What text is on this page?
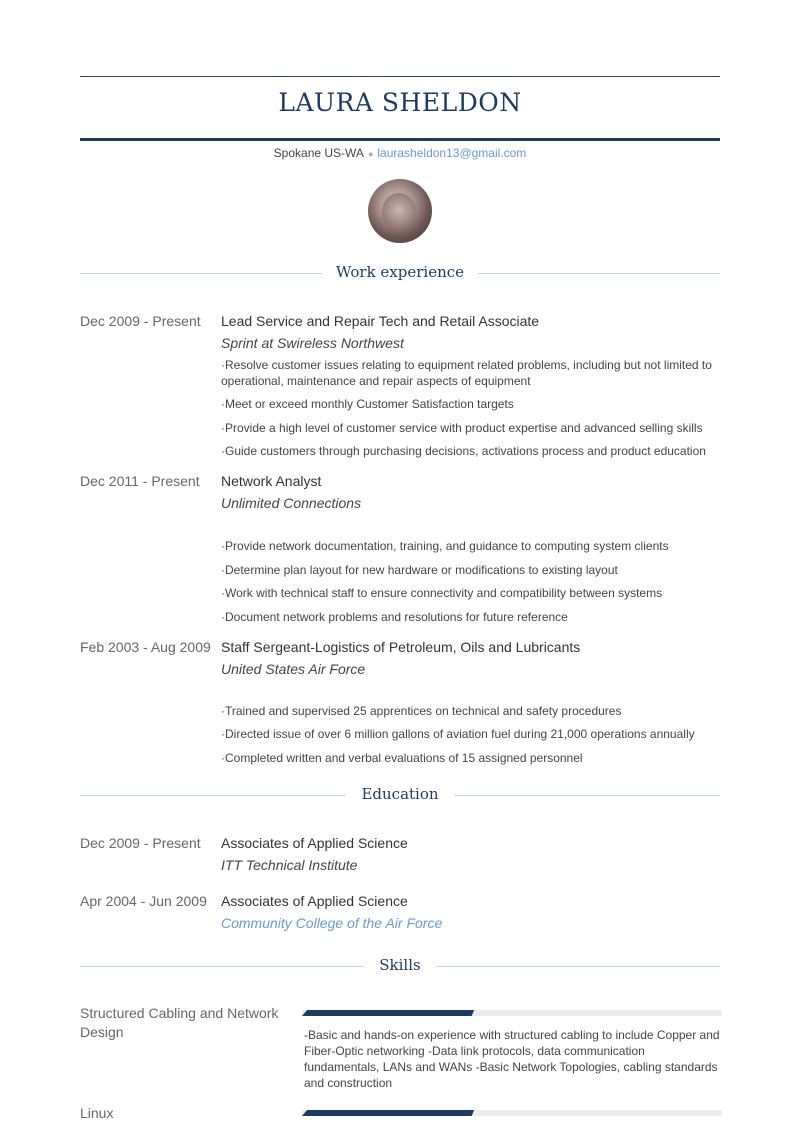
LAURA SHELDON
Spokane US-WA ● laurasheldon13@gmail.com
Work experience
Dec 2009 - Present Lead Service and Repair Tech and Retail Associate
Sprint at Swireless Northwest
·Resolve customer issues relating to equipment related problems, including but not limited to operational, maintenance and repair aspects of equipment
·Meet or exceed monthly Customer Satisfaction targets
·Provide a high level of customer service with product expertise and advanced selling skills
·Guide customers through purchasing decisions, activations process and product education
Dec 2011 - Present Network Analyst
Unlimited Connections
·Provide network documentation, training, and guidance to computing system clients
·Determine plan layout for new hardware or modifications to existing layout
·Work with technical staff to ensure connectivity and compatibility between systems
·Document network problems and resolutions for future reference
Feb 2003 - Aug 2009 Staff Sergeant-Logistics of Petroleum, Oils and Lubricants
United States Air Force
·Trained and supervised 25 apprentices on technical and safety procedures
·Directed issue of over 6 million gallons of aviation fuel during 21,000 operations annually
·Completed written and verbal evaluations of 15 assigned personnel
Education
Dec 2009 - Present Associates of Applied Science
ITT Technical Institute
Apr 2004 - Jun 2009 Associates of Applied Science
Community College of the Air Force
Skills
Structured Cabling and Network Design	-Basic and hands-on experience with structured cabling to include Copper and Fiber-Optic networking -Data link protocols, data communication fundamentals, LANs and WANs -Basic Network Topologies, cabling standards and construction
Linux
